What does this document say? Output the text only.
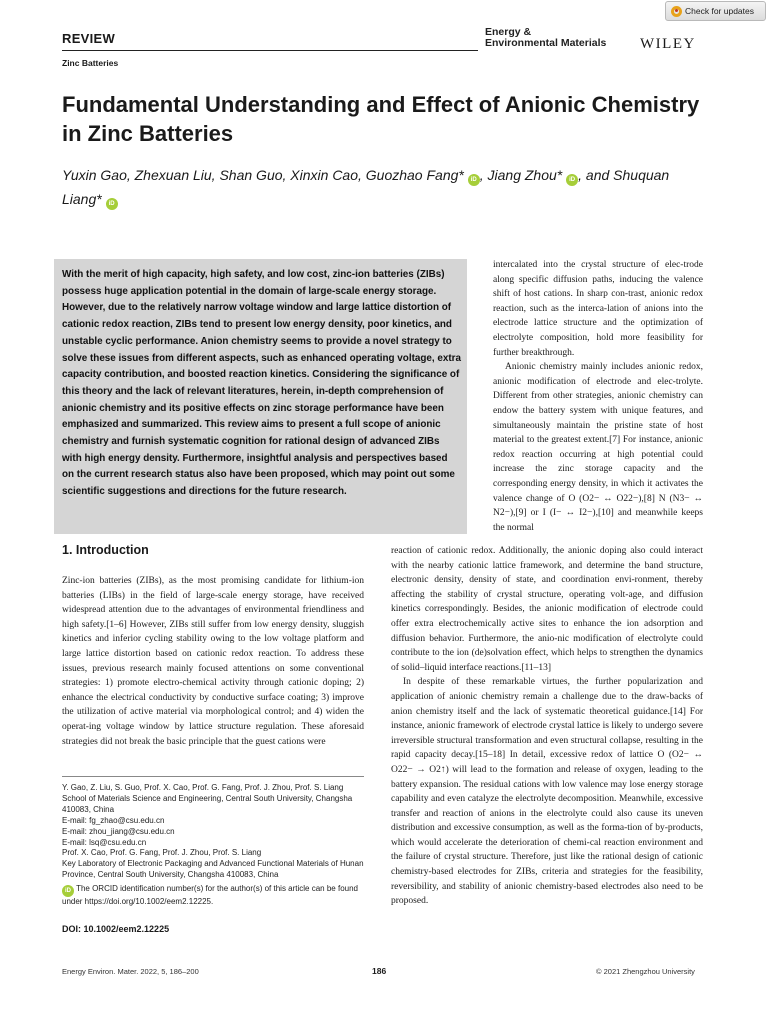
Check for updates
REVIEW	Energy &
Environmental Materials WILEY
Zinc Batteries
Fundamental Understanding and Effect of Anionic Chemistry in Zinc Batteries
Yuxin Gao, Zhexuan Liu, Shan Guo, Xinxin Cao, Guozhao Fang* iD , Jiang Zhou* iD , and Shuquan Liang* iD

With the merit of high capacity, high safety, and low cost, zinc-ion batteries (ZIBs) possess huge application potential in the domain of large-scale energy storage. However, due to the relatively narrow voltage window and large lattice distortion of cationic redox reaction, ZIBs tend to present low energy density, poor kinetics, and unstable cyclic performance. Anion chemistry seems to provide a novel strategy to solve these issues from different aspects, such as enhanced operating voltage, extra capacity contribution, and boosted reaction kinetics. Considering the significance of this theory and the lack of relevant literatures, herein, in-depth comprehension of anionic chemistry and its positive effects on zinc storage performance have been emphasized and summarized. This review aims to present a full scope of anionic chemistry and furnish systematic cognition for rational design of advanced ZIBs with high energy density. Furthermore, insightful analysis and perspectives based on the current research status also have been proposed, which may point out some scientific suggestions and directions for the future research.

1. Introduction

Zinc-ion batteries (ZIBs), as the most promising candidate for lithium-ion batteries (LIBs) in the field of large-scale energy storage, have received widespread attention due to the advantages of environmental friendliness and high safety.[1–6] However, ZIBs still suffer from low energy density, sluggish kinetics and inferior cycling stability owing to the low voltage platform and large lattice distortion based on cationic redox reaction. To address these issues, previous research mainly focused attentions on some conventional strategies: 1) promote electro-chemical activity through cationic doping; 2) enhance the electrical conductivity by conductive surface coating; 3) improve the utilization of active material via morphological control; and 4) widen the operat-ing voltage window by lattice structure regulation. These aforesaid strategies did not break the basic principle that the guest cations were

intercalated into the crystal structure of elec-trode along specific diffusion paths, inducing the valence shift of host cations. In sharp con-trast, anionic redox reaction, such as the interca-lation of anions into the electrode lattice structure and the optimization of electrolyte composition, hold more feasibility for further breakthrough.

Anionic chemistry mainly includes anionic redox, anionic modification of electrode and elec-trolyte. Different from other strategies, anionic chemistry can endow the battery system with unique features, and simultaneously maintain the pristine state of host material to the greatest extent.[7] For instance, anionic redox reaction occurring at high potential could increase the zinc storage capacity and the corresponding energy density, in which it activates the valence change of O (O2− ↔ O22−),[8] N (N3− ↔ N2−),[9] or I (I− ↔ I2−),[10] and meanwhile keeps the normal

reaction of cationic redox. Additionally, the anionic doping also could interact with the nearby cationic lattice framework, and determine the band structure, electronic density, density of state, and coordination envi-ronment, thereby affecting the stability of crystal structure, operating volt-age, and diffusion kinetics correspondingly. Besides, the anionic modification of electrode could offer extra electrochemically active sites to enhance the ion adsorption and diffusion behavior. Furthermore, the anio-nic modification of electrolyte could contribute to the ion (de)solvation effect, which helps to strengthen the dynamics of solid–liquid interface reactions.[11–13]

In despite of these remarkable virtues, the further popularization and application of anionic chemistry remain a challenge due to the draw-backs of anion chemistry itself and the lack of systematic theoretical guidance.[14] For instance, anionic framework of electrode crystal lattice is likely to undergo severe irreversible structural transformation and even structural collapse, resulting in the rapid capacity decay.[15–18] In detail, excessive redox of lattice O (O2− ↔ O22− → O2↑) will lead to the formation and release of oxygen, leading to the battery expansion. The residual cations with low valence may lose energy storage capability and even catalyze the electrolyte decomposition. Meanwhile, excessive transfer and reaction of anions in the electrolyte could also cause its uneven distribution and excessive consumption, as well as the forma-tion of by-products, which would accelerate the deterioration of chemi-cal reaction environment and the failure of crystal structure. Therefore, just like the rational design of cationic chemistry-based electrodes for ZIBs, criteria and strategies for the feasibility, reversibility, and stability of anionic chemistry-based electrodes also need to be proposed.

Y. Gao, Z. Liu, S. Guo, Prof. X. Cao, Prof. G. Fang, Prof. J. Zhou, Prof. S. Liang
School of Materials Science and Engineering, Central South University, Changsha 410083, China
E-mail: fg_zhao@csu.edu.cn
E-mail: zhou_jiang@csu.edu.cn
E-mail: lsq@csu.edu.cn
Prof. X. Cao, Prof. G. Fang, Prof. J. Zhou, Prof. S. Liang
Key Laboratory of Electronic Packaging and Advanced Functional Materials of Hunan Province, Central South University, Changsha 410083, China
iD The ORCID identification number(s) for the author(s) of this article can be found under https://doi.org/10.1002/eem2.12225.
DOI: 10.1002/eem2.12225
Energy Environ. Mater. 2022, 5, 186–200	186	© 2021 Zhengzhou University
